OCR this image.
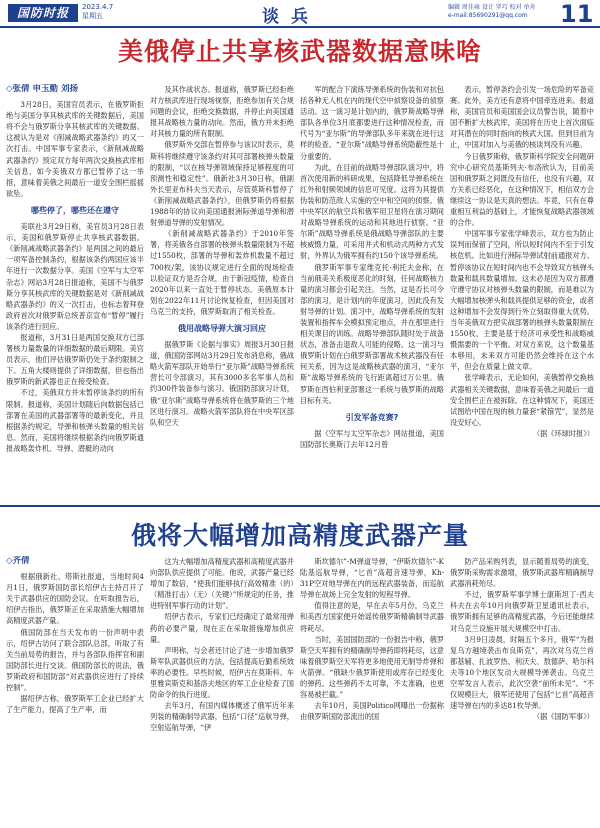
国防时报	2023.4.7
星期五	谈兵	编辑 周佳雍 设计 罗巧 校对 单舟
e-mail:85690291@qq.com	11
美俄停止共享核武器数据意味啥
◇张倩 申玉勤 刘扬

3月28日，美国官员表示，在俄罗斯拒绝与美国分享其核武库的关键数据后，美国将不会与俄罗斯分享其核武库的关键数据。这被认为是对《削减战略武器条约》的又一次打击。中国军事专家表示，《新削减战略武器条约》预定双方每年两次交换核武库相关信息，如今美俄双方都已暂停了这一举措，意味着美俄之间最后一道安全围栏摇摇欲坠。

哪些停了，哪些还在遵守

美联社3月29日称，美官员3月28日表示，美国和俄罗斯停止共享核武器数据。《新削减战略武器条约》是两国之间的最后一项军备控制条约，根据该条约两国应该半年进行一次数据分享。美国《空军与太空军杂志》网站3月28日报道称，美国不与俄罗斯分享其核武库的关键数据是对《新削减战略武器条约》的又一次打击，也标志着拜登政府首次对俄罗斯总统普京宣布“暂停”履行该条约进行回应。

报道称，3月31日是两国交换双方已部署核力量数量的详细数据的最后期限。美官员表示，他们评估俄罗斯仍处于条约限制之下。五角大楼则提供了详细数据，但也指出俄罗斯的新武器也正在接受检查。

不过，美俄双方并未暂停该条约的所有限制。报道称，美国计划随后向数据包括已部署在美国的武器部署等的最新变化，并且根据条约规定，导弹和核弹头数量的相关信息。然而，美国将继续根据条约向俄罗斯通报战略轰炸机、导弹、潜艇的动向

及其作战状态。报道称，俄罗斯已经拒绝对方核武库进行现场视察，拒绝参加有关合规问题的会议，拒绝交换数据，并停止向美国通报其战略核力量的动向。然而，俄方并未拒绝对其核力量的所有限制。

俄罗斯外交部在暂停参与该议时表示，莫斯科将继续遵守该条约对其可部署核弹头数量的限制，“以在核导弹领域保持足够程度的可预测性和稳定性”。俄新社3月30日称，俄副外长里亚布科夫当天表示，尽管莫斯科暂停了《新削减战略武器条约》，但俄罗斯仍将根据1988年的协议向美国通报洲际弹道导弹和潜射弹道导弹的发射情况。

《新削减战略武器条约》于2010年签署，将美俄各自部署的核弹头数量限制为不超过1550枚，部署的导弹和轰炸机数量不超过700枚/架。该协议规定进行全面的现场检查以验证双方是否合规，由于新冠疫情，检查自2020年以来一直处于暂停状态。美俄原本计划在2022年11月讨论恢复检查，但因美国对乌克兰的支持，俄罗斯取消了相关检查。

俄用战略导弹大演习回应

据俄罗斯《论据与事实》周报3月30日报道，俄国防部网站3月29日发布消息称，俄战略火箭军部队开始举行“亚尔斯”战略导弹系统营长可令部演习，其有3000多名军事人员和约300件装备参与演习。俄国防部演习计划，俄“亚尔斯”战略导弹系统将在俄罗斯的三个地区进行演习。战略火箭军部队将在中央军区部队和空天

军的配合下演练导弹系统的伪装和对抗包括各种无人机在内的现代空中侦察设备的侦察活动。这一演习是计划内的，俄罗斯战略导弹部队各单位3月底都要进行这种情况检查，而代号为“亚尔斯”的导弹部队多年来就在进行这样的检查。“亚尔斯”战略导弹系统隐蔽性是十分重要的。

为此，在目前的战略导弹部队演习中，将首次使用新的科研成果，包括降低导弹系统在红外和射频领域的信息可见度。这将为其提供伪装和防范敌人实施的空中和空间的侦察。俄中央军区的航空兵和俄军用卫星将在演习期间对战略导弹系统的运动和其地进行侦察。“亚尔斯”战略导弹系统是俄战略导弹部队的主要核威慑力量，可采用井式和机动式两种方式发射，外界认为俄军拥有约150个该导弹系统。

俄罗斯军事专家维克托·利托夫金称，在当前俄美关系极度恶化的时刻，任何战略核力量的演习都会引起关注。当然，这是否长可令部的演习，是计划内的年度演习，因此没有发射导弹的计划。演习中，战略导弹系统的发射装置和指挥车会模拟预定地点，并在那里进行相关课目的训练。战略导弹部队随时处于战备状态，准备击退敌人可能的侵略。这一演习与俄罗斯计划在白俄罗斯部署战术核武器没有任何关系，因为这是战略核武器的演习，“亚尔斯”战略导弹系统的飞行距离超过万公里。俄罗斯在西伯利亚部署这一系统与俄罗斯的战略目标有关。

引发军备竞赛?

据《空军与太空军杂志》网站报道，美国国防部长奥斯汀去年12月曾

表示，暂停条约会引发一场危险的军备竞赛。此外，美方还有意将中国牵连进来。报道称，美国官员和美国国会议员警告说，随着中国不断扩大核武库，美国将在历史上首次面临对其潜在的同时指向的核武大国。但到目前为止，中国对加入与美俄的核谈判没有兴趣。

今日俄罗斯称，俄罗斯科学院安全问题研究中心研究员基斯列夫·布洛欣认为，目前美国和俄罗斯之间既没有信任，也没有兴趣，双方关系已经恶化，在这种情况下，相信双方会继续这一协议是天真的想法。毕竟，只有在尊重相互利益的基础上，才能恢复战略武器领域的合作。

中国军事专家张学峰表示，双方也为防止误判而保留了空间，所以短时间内不至于引发核危机。比如进行洲际导弹试射前通报对方。暂停该协议在短时间内也不会导致双方核弹头数量和载具数量增加。这未必是因为双方都遵守遵守协议对核弹头数量的限制，而是难以为大幅增加核弹头和载具提供足够的资金，或者这种增加不会发得到行外立刻取得重大优势。当年美俄双方把实战部署的核弹头数量限制在1550枚，主要是基于经济可承受性和战略威慑需要的一个平衡。对双方来说，这个数量基本够用，未来双方可能仍然会维持在这个水平，但会在质量上做文章。

张学峰表示，无论如何，美俄暂停交换核武器相关关键数据，意味着美俄之间最后一道安全围栏正在被拆除。在这种情况下，美国还试图给中国在现的核力量套“紧箍咒”，显然是没安好心。

（据《环球时报》）

俄将大幅增加高精度武器产量
◇齐倩

根据俄新社、塔斯社报道，当地时间4月1日，俄罗斯国防部长绍伊古主持召开了关于武器供应的国防会议。在听取报告后，绍伊古指出，俄罗斯正在采取措施大幅增加高精度武器产量。

俄国防部在当天发布的一份声明中表示，绍伊古访问了联合部队总部，听取了有关当前局势的报告，并与各部队指挥官和副国防部长进行交谈。俄国防部长的说法，俄罗斯政府和国防部“对武器供应进行了持续控制”。

据绍伊古称，俄罗斯军工企业已经扩大了生产能力，提高了生产率，而

这为大幅增加高精度武器和高精度武器并向部队供应提供了可能。他说，武器产量已经增加了数倍，“使我们能够执行高效精准（的）（精准打击）（无）（关键）”所规定的任务，推进特别军事行动的计划”。

绍伊古表示，专家们已经确定了最常用弹药的必要产量，现在正在采取措施增加供应量。

声明称，与会者还讨论了进一步增加俄罗斯军队武器供应的方法，包括提高后勤系统效率的必要性。早些时候，绍伊古在莫斯科、车里雅宾斯克和基洛夫地区的军工企业检查了国防命令的执行进度。

去年3月，有国内媒体概述了俄军近年来列装的精确制导武器，包括“口径”巡航导弹，空射巡航导弹，“伊

斯坎德尔”-M弹道导弹，“伊斯坎德尔”-K陆基巡航导弹，“匕首”高超音速导弹，Kh-31P空对地导弹在内的远程武器装备，而巡航导弹在战场上完全发射的短程导弹。

值得注意的是，早在去年5月份，乌克兰和美西方国家便开始谣传俄罗斯精确制导武器将耗尽。

当时，美国国防部的一份报告中称，俄罗斯空天军拥有的精确制导弹药即将耗尽，这意味着俄罗斯空天军将更多地使用无制导炸弹和火箭弹。“俄缺少俄罗斯使用或库存已经变化的弹药。这些弹药不太可靠，不太准确，也更容易被拦截。”

去年10月，美国Politico网曝出一份据称由俄罗斯国防部流出的国

防产品采购列表，显示随着局势的演变，俄罗斯采购需求激增，俄罗斯武器库精确制导武器消耗殆尽。

不过，俄罗斯军事学博士康斯坦丁·西夫科夫在去年10月向俄罗斯卫星通讯社表示，俄罗斯拥有足够的高精度武器，今后还能继续对乌克兰设施开展大规模空中打击。

3月9日凌晨，时隔五个多月，俄军“为报复乌方越境袭击布良斯克”，再次对乌克兰首都基辅、扎波罗热、利沃夫、敖德萨、哈尔科夫等10个地区发动大规模导弹袭击。乌克兰空军发言人表示，此次空袭“前所未见”。“不仅规模巨大，俄军还使用了包括“匕首”高超音速导弹在内的多达81枚导弹。

（据《国防军事》）
